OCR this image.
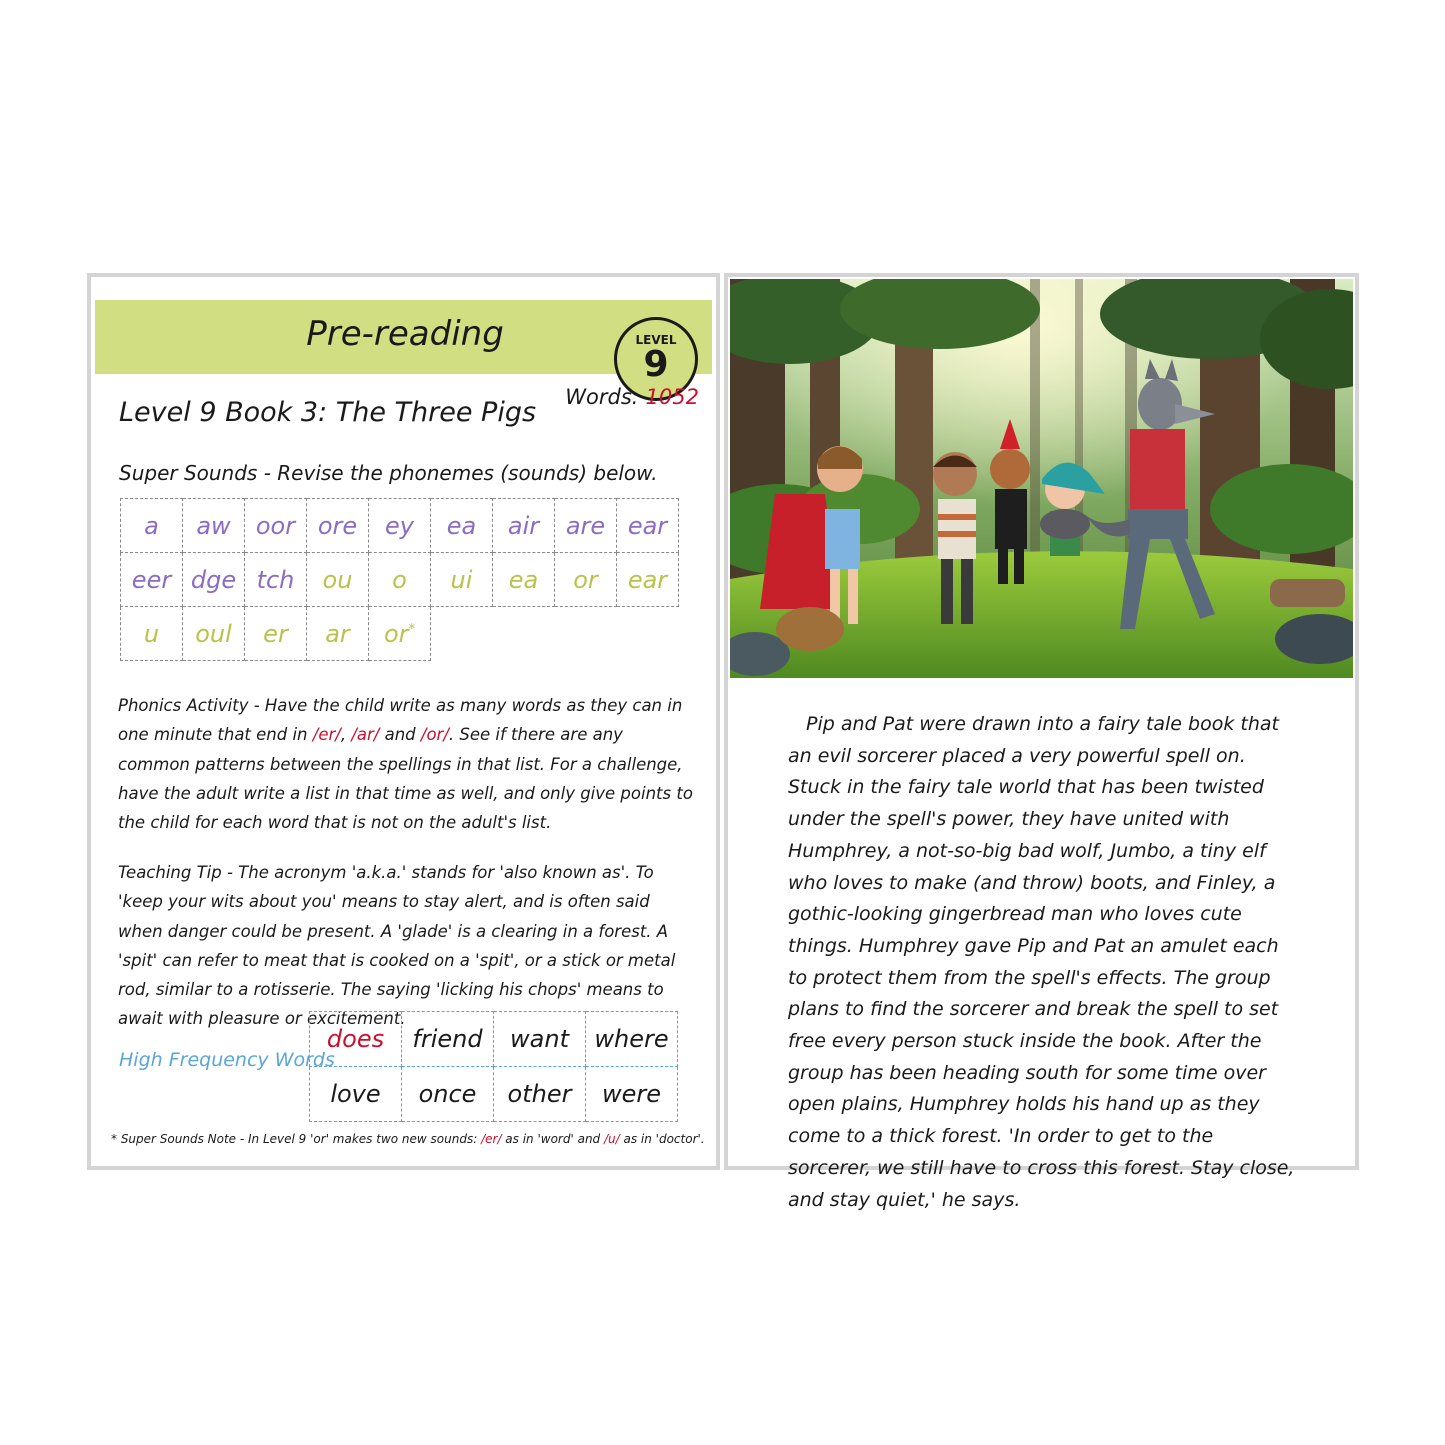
Pre-reading	LEVEL
9
Words: 1052
Level 9 Book 3: The Three Pigs
Super Sounds - Revise the phonemes (sounds) below.
a	aw	oor	ore	ey	ea	air	are	ear
eer	dge	tch	ou	o	ui	ea	or	ear
u	oul	er	ar	or*				

Phonics Activity - Have the child write as many words as they can in one minute that end in /er/, /ar/ and /or/. See if there are any common patterns between the spellings in that list. For a challenge, have the adult write a list in that time as well, and only give points to the child for each word that is not on the adult's list.

Teaching Tip - The acronym 'a.k.a.' stands for 'also known as'. To 'keep your wits about you' means to stay alert, and is often said when danger could be present. A 'glade' is a clearing in a forest. A 'spit' can refer to meat that is cooked on a 'spit', or a stick or metal rod, similar to a rotisserie. The saying 'licking his chops' means to await with pleasure or excitement.

High Frequency Words
does	friend	want	where
love	once	other	were
* Super Sounds Note - In Level 9 'or' makes two new sounds: /er/ as in 'word' and /u/ as in 'doctor'.

Pip and Pat were drawn into a fairy tale book that an evil sorcerer placed a very powerful spell on. Stuck in the fairy tale world that has been twisted under the spell's power, they have united with Humphrey, a not-so-big bad wolf, Jumbo, a tiny elf who loves to make (and throw) boots, and Finley, a gothic-looking gingerbread man who loves cute things. Humphrey gave Pip and Pat an amulet each to protect them from the spell's effects. The group plans to find the sorcerer and break the spell to set free every person stuck inside the book. After the group has been heading south for some time over open plains, Humphrey holds his hand up as they come to a thick forest. 'In order to get to the sorcerer, we still have to cross this forest. Stay close, and stay quiet,' he says.
